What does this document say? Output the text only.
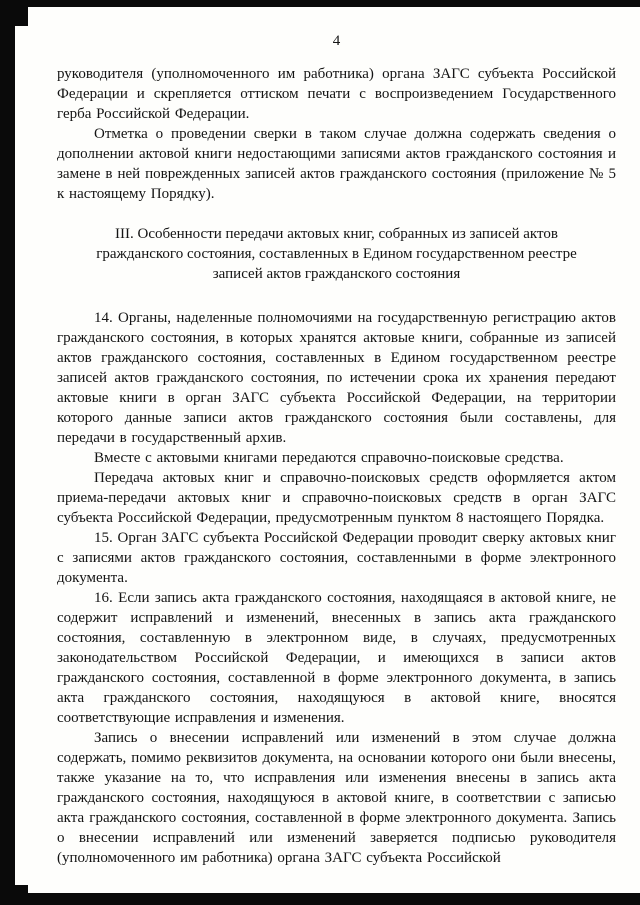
4

руководителя (уполномоченного им работника) органа ЗАГС субъекта Российской Федерации и скрепляется оттиском печати с воспроизведением Государственного герба Российской Федерации.

Отметка о проведении сверки в таком случае должна содержать сведения о дополнении актовой книги недостающими записями актов гражданского состояния и замене в ней поврежденных записей актов гражданского состояния (приложение № 5 к настоящему Порядку).

III. Особенности передачи актовых книг, собранных из записей актов гражданского состояния, составленных в Едином государственном реестре записей актов гражданского состояния

14. Органы, наделенные полномочиями на государственную регистрацию актов гражданского состояния, в которых хранятся актовые книги, собранные из записей актов гражданского состояния, составленных в Едином государственном реестре записей актов гражданского состояния, по истечении срока их хранения передают актовые книги в орган ЗАГС субъекта Российской Федерации, на территории которого данные записи актов гражданского состояния были составлены, для передачи в государственный архив.

Вместе с актовыми книгами передаются справочно-поисковые средства.

Передача актовых книг и справочно-поисковых средств оформляется актом приема-передачи актовых книг и справочно-поисковых средств в орган ЗАГС субъекта Российской Федерации, предусмотренным пунктом 8 настоящего Порядка.

15. Орган ЗАГС субъекта Российской Федерации проводит сверку актовых книг с записями актов гражданского состояния, составленными в форме электронного документа.

16. Если запись акта гражданского состояния, находящаяся в актовой книге, не содержит исправлений и изменений, внесенных в запись акта гражданского состояния, составленную в электронном виде, в случаях, предусмотренных законодательством Российской Федерации, и имеющихся в записи актов гражданского состояния, составленной в форме электронного документа, в запись акта гражданского состояния, находящуюся в актовой книге, вносятся соответствующие исправления и изменения.

Запись о внесении исправлений или изменений в этом случае должна содержать, помимо реквизитов документа, на основании которого они были внесены, также указание на то, что исправления или изменения внесены в запись акта гражданского состояния, находящуюся в актовой книге, в соответствии с записью акта гражданского состояния, составленной в форме электронного документа. Запись о внесении исправлений или изменений заверяется подписью руководителя (уполномоченного им работника) органа ЗАГС субъекта Российской
